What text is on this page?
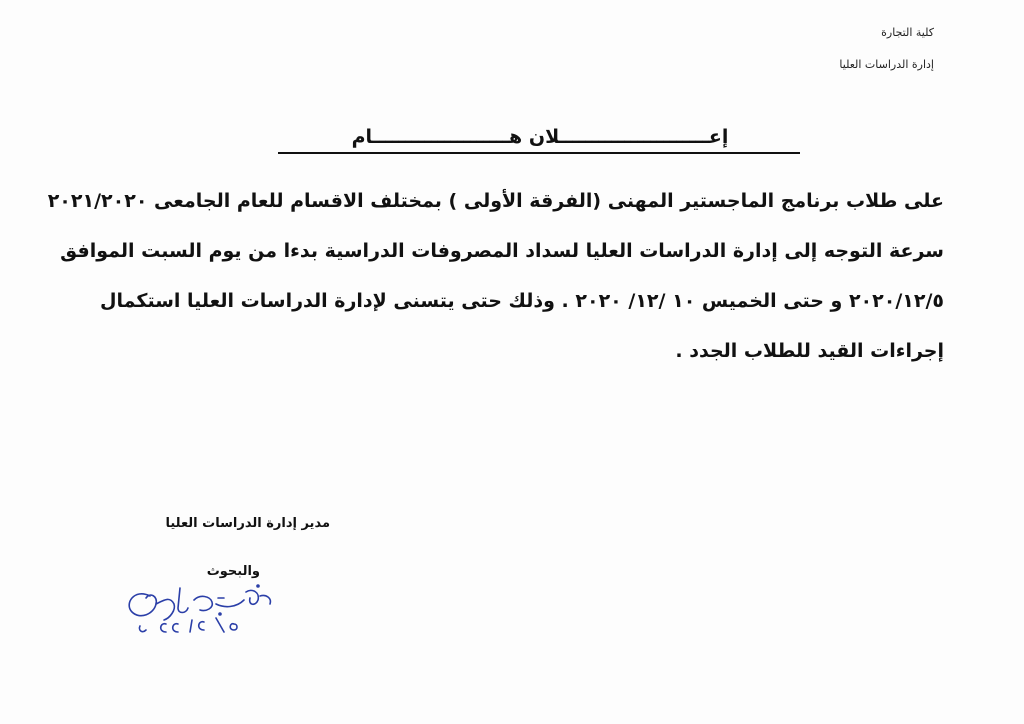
كلية التجارة
إدارة الدراسات العليا
إعـــــــــــــــــــــــلان هـــــــــــــــــــــام
على طلاب برنامج الماجستير المهنى (الفرقة الأولى ) بمختلف الاقسام للعام الجامعى ٢٠٢١/٢٠٢٠
سرعة التوجه إلى إدارة الدراسات العليا لسداد المصروفات الدراسية بدءا من يوم السبت الموافق
٢٠٢٠/١٢/٥ و حتى الخميس ١٠ /١٢/ ٢٠٢٠ . وذلك حتى يتسنى لإدارة الدراسات العليا استكمال
إجراءات القيد للطلاب الجدد .
مدير إدارة الدراسات العليا
والبحوث
